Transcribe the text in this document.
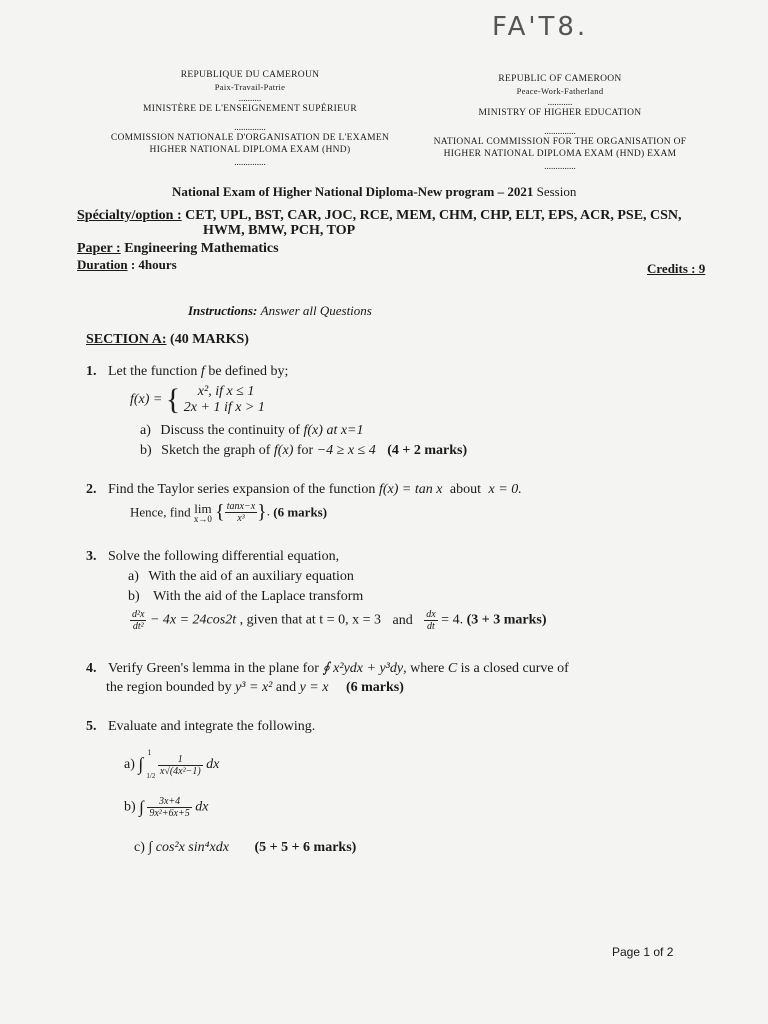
FA'T8.
REPUBLIQUE DU CAMEROUN
Paix-Travail-Patrie
..........
MINISTÈRE DE L'ENSEIGNEMENT SUPÉRIEUR
..............
COMMISSION NATIONALE D'ORGANISATION DE L'EXAMEN
HIGHER NATIONAL DIPLOMA EXAM (HND)
..............
REPUBLIC OF CAMEROON
Peace-Work-Fatherland
...........
MINISTRY OF HIGHER EDUCATION
..............
NATIONAL COMMISSION FOR THE ORGANISATION OF
HIGHER NATIONAL DIPLOMA EXAM (HND) EXAM
..............
National Exam of Higher National Diploma-New program – 2021 Session
Spécialty/option : CET, UPL, BST, CAR, JOC, RCE, MEM, CHM, CHP, ELT, EPS, ACR, PSE, CSN,
HWM, BMW, PCH, TOP
Paper : Engineering Mathematics
Duration : 4hours	Credits : 9
Instructions: Answer all Questions
SECTION A: (40 MARKS)
1. Let the function f be defined by;
f(x) = { x², if x ≤ 1
2x + 1 if x > 1
a) Discuss the continuity of f(x) at x=1
b) Sketch the graph of f(x) for −4 ≥ x ≤ 4 (4 + 2 marks)
2. Find the Taylor series expansion of the function f(x) = tan x about x = 0.
Hence, find lim
x→0 { $\frac{\tan x-x}{\text{x³}}$ }. (6 marks)
3. Solve the following differential equation,
a) With the aid of an auxiliary equation
b) With the aid of the Laplace transform
$\frac{\text{d²x}}{\text{dt²}} - 4x = 24\cos 2t$ , given that at t = 0, x = 3 and $\frac{dx}{dt} = 4$. (3 + 3 marks)
4. Verify Green's lemma in the plane for ∮ x²ydx + y³dy, where C is a closed curve of
the region bounded by y³ = x² and y = x (6 marks)
5. Evaluate and integrate the following.
a) ∫
1
1/2
$\frac{1}{\text{x√(4x²−1)}}$ dx
b) ∫ $\frac{3x+4}{\text{9x²+6x+5}}$ dx
c) ∫ cos²x sin⁴xdx (5 + 5 + 6 marks)
Page 1 of 2
